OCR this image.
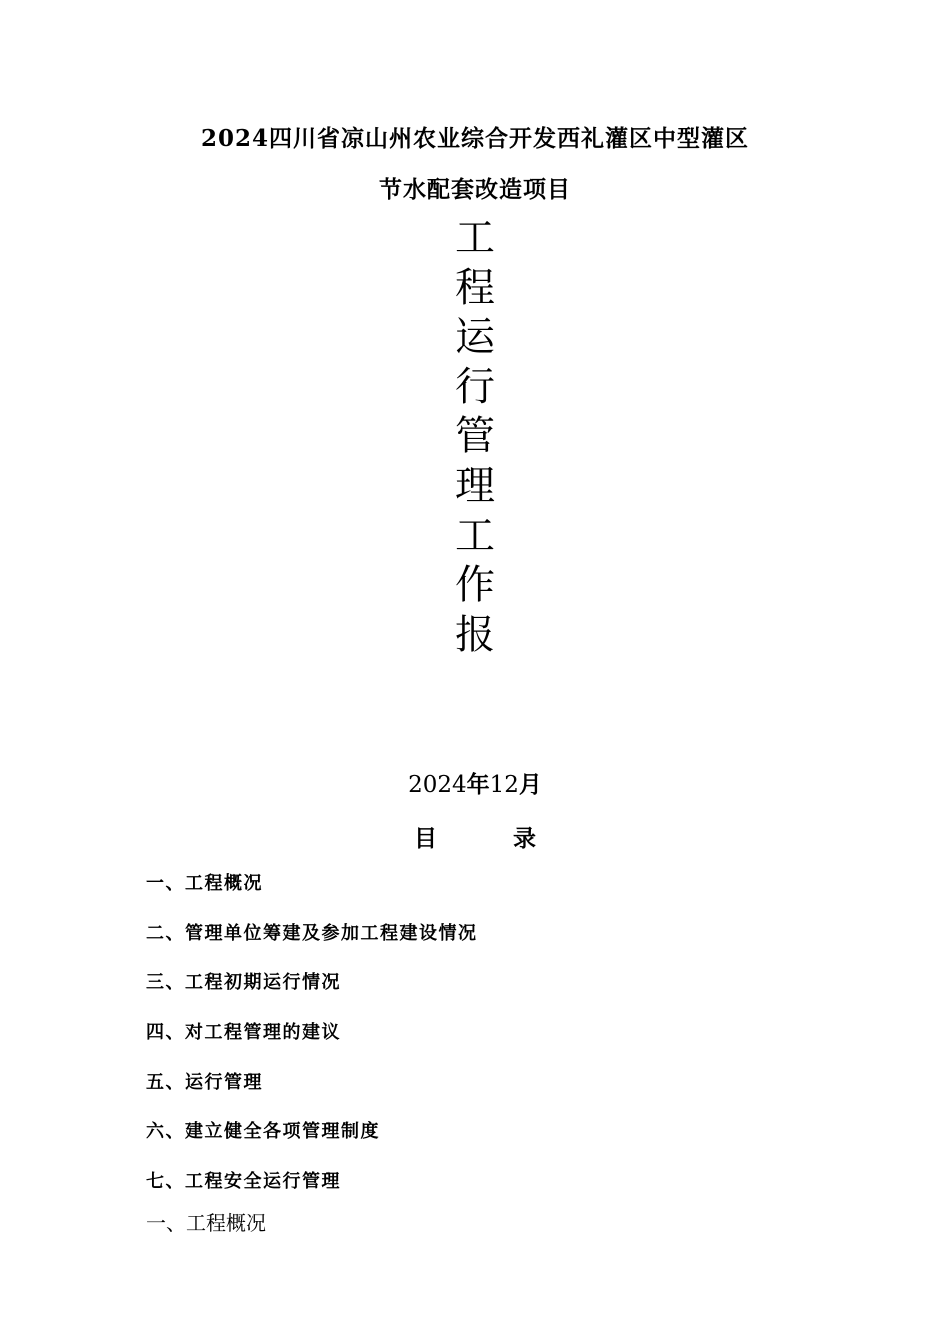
2024四川省凉山州农业综合开发西礼灌区中型灌区
节水配套改造项目
工
程
运
行
管
理
工
作
报
2024年12月
目	录
一、工程概况
二、管理单位筹建及参加工程建设情况
三、工程初期运行情况
四、对工程管理的建议
五、运行管理
六、建立健全各项管理制度
七、工程安全运行管理
一、工程概况
